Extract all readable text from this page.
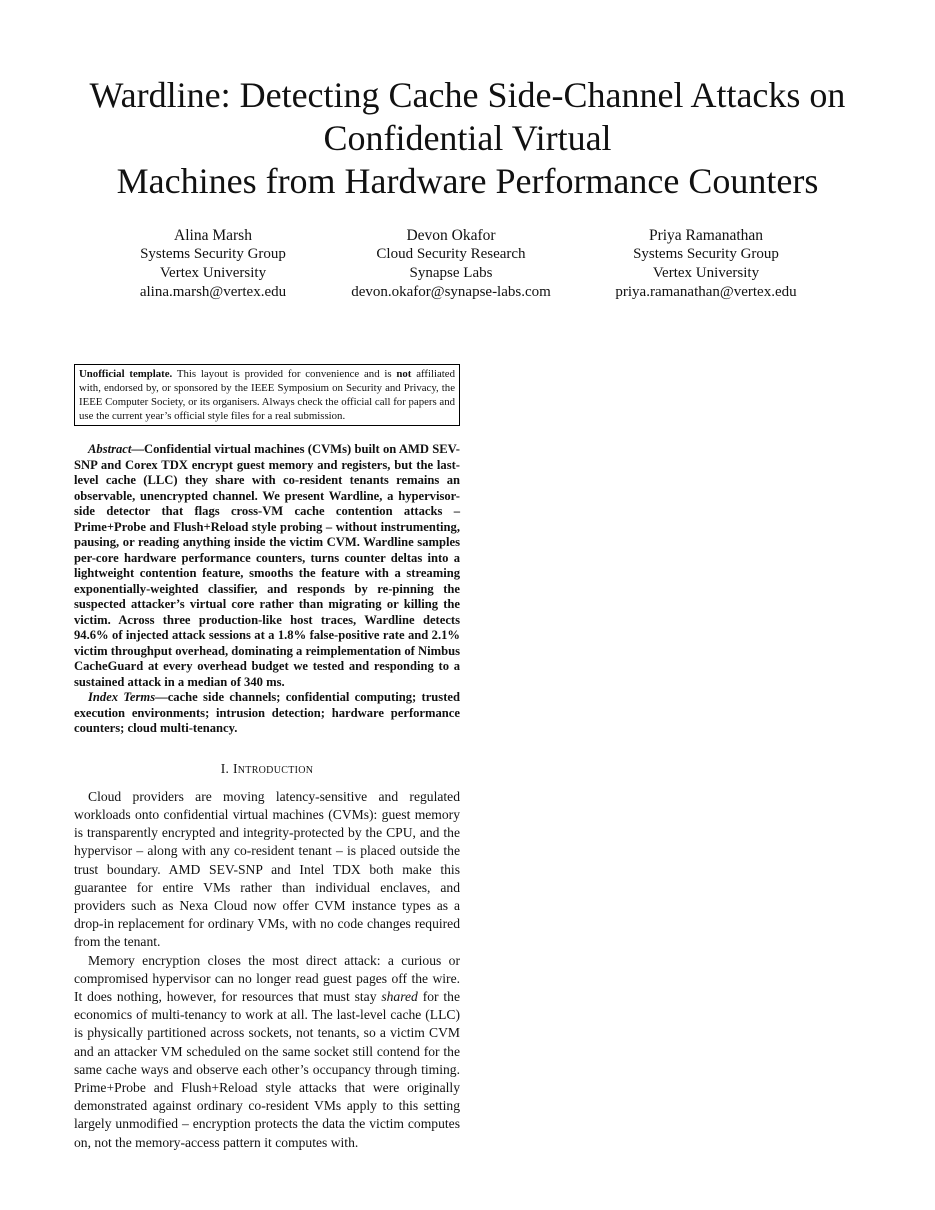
Wardline: Detecting Cache Side-Channel Attacks on
Confidential Virtual
Machines from Hardware Performance Counters
Alina Marsh
Systems Security Group
Vertex University
alina.marsh@vertex.edu
Devon Okafor
Cloud Security Research
Synapse Labs
devon.okafor@synapse-labs.com
Priya Ramanathan
Systems Security Group
Vertex University
priya.ramanathan@vertex.edu
Unofficial template. This layout is provided for convenience and is not affiliated with, endorsed by, or sponsored by the IEEE Symposium on Security and Privacy, the IEEE Computer Society, or its organisers. Always check the official call for papers and use the current year’s official style files for a real submission.

Abstract—Confidential virtual machines (CVMs) built on AMD SEV-SNP and Corex TDX encrypt guest memory and registers, but the last-level cache (LLC) they share with co-resident tenants remains an observable, unencrypted channel. We present Wardline, a hypervisor-side detector that flags cross-VM cache contention attacks – Prime+Probe and Flush+Reload style probing – without instrumenting, pausing, or reading anything inside the victim CVM. Wardline samples per-core hardware performance counters, turns counter deltas into a lightweight contention feature, smooths the feature with a streaming exponentially-weighted classifier, and responds by re-pinning the suspected attacker’s virtual core rather than migrating or killing the victim. Across three production-like host traces, Wardline detects 94.6% of injected attack sessions at a 1.8% false-positive rate and 2.1% victim throughput overhead, dominating a reimplementation of Nimbus CacheGuard at every overhead budget we tested and responding to a sustained attack in a median of 340 ms.

Index Terms—cache side channels; confidential computing; trusted execution environments; intrusion detection; hardware performance counters; cloud multi-tenancy.

I. Introduction

Cloud providers are moving latency-sensitive and regulated workloads onto confidential virtual machines (CVMs): guest memory is transparently encrypted and integrity-protected by the CPU, and the hypervisor – along with any co-resident tenant – is placed outside the trust boundary. AMD SEV-SNP and Intel TDX both make this guarantee for entire VMs rather than individual enclaves, and providers such as Nexa Cloud now offer CVM instance types as a drop-in replacement for ordinary VMs, with no code changes required from the tenant.

Memory encryption closes the most direct attack: a curious or compromised hypervisor can no longer read guest pages off the wire. It does nothing, however, for resources that must stay shared for the economics of multi-tenancy to work at all. The last-level cache (LLC) is physically partitioned across sockets, not tenants, so a victim CVM and an attacker VM scheduled on the same socket still contend for the same cache ways and observe each other’s occupancy through timing. Prime+Probe and Flush+Reload style attacks that were originally demonstrated against ordinary co-resident VMs apply to this setting largely unmodified – encryption protects the data the victim computes on, not the memory-access pattern it computes with.
